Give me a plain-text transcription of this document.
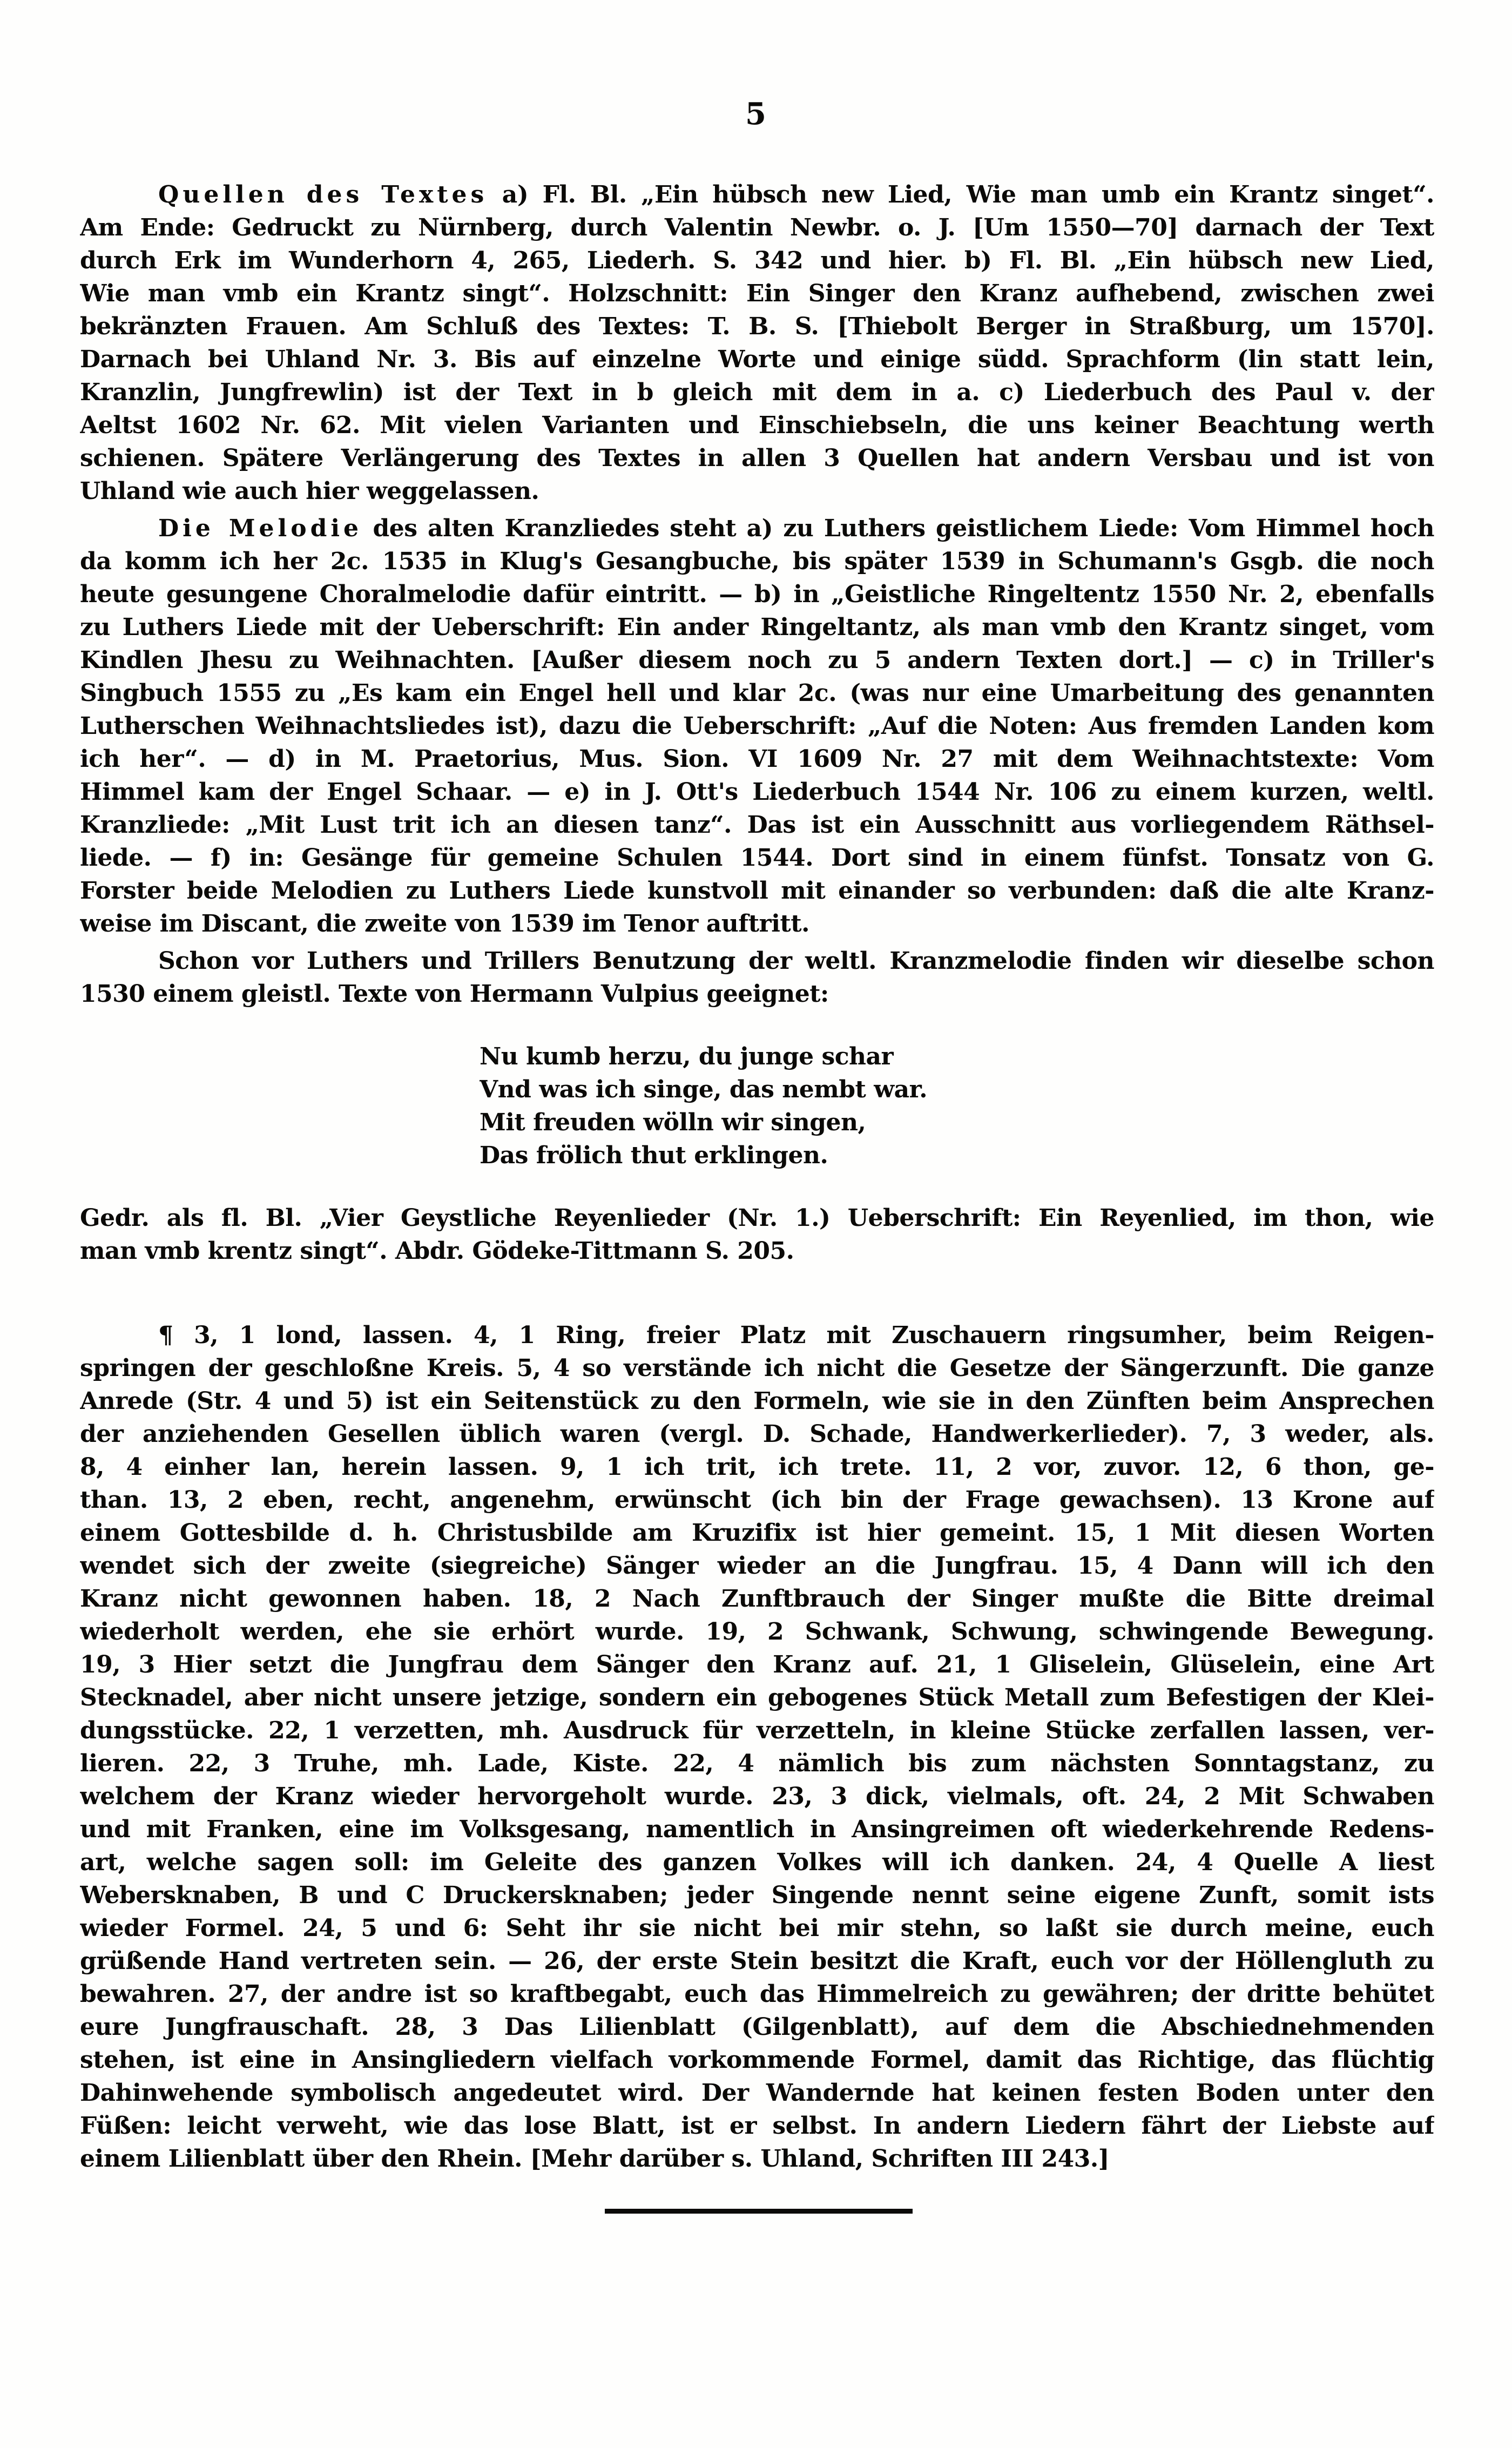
5
Quellen des Textes a) Fl. Bl. „Ein hübsch new Lied, Wie man umb ein Krantz singet“.
Am Ende: Gedruckt zu Nürnberg, durch Valentin Newbr. o. J. [Um 1550—70] darnach der Text
durch Erk im Wunderhorn 4, 265, Liederh. S. 342 und hier. b) Fl. Bl. „Ein hübsch new Lied,
Wie man vmb ein Krantz singt“. Holzschnitt: Ein Singer den Kranz aufhebend, zwischen zwei
bekränzten Frauen. Am Schluß des Textes: T. B. S. [Thiebolt Berger in Straßburg, um 1570].
Darnach bei Uhland Nr. 3. Bis auf einzelne Worte und einige südd. Sprachform (lin statt lein,
Kranzlin, Jungfrewlin) ist der Text in b gleich mit dem in a. c) Liederbuch des Paul v. der
Aeltst 1602 Nr. 62. Mit vielen Varianten und Einschiebseln, die uns keiner Beachtung werth
schienen. Spätere Verlängerung des Textes in allen 3 Quellen hat andern Versbau und ist von
Uhland wie auch hier weggelassen.
Die Melodie des alten Kranzliedes steht a) zu Luthers geistlichem Liede: Vom Himmel hoch
da komm ich her 2c. 1535 in Klug's Gesangbuche, bis später 1539 in Schumann's Gsgb. die noch
heute gesungene Choralmelodie dafür eintritt. — b) in „Geistliche Ringeltentz 1550 Nr. 2, ebenfalls
zu Luthers Liede mit der Ueberschrift: Ein ander Ringeltantz, als man vmb den Krantz singet, vom
Kindlen Jhesu zu Weihnachten. [Außer diesem noch zu 5 andern Texten dort.] — c) in Triller's
Singbuch 1555 zu „Es kam ein Engel hell und klar 2c. (was nur eine Umarbeitung des genannten
Lutherschen Weihnachtsliedes ist), dazu die Ueberschrift: „Auf die Noten: Aus fremden Landen kom
ich her“. — d) in M. Praetorius, Mus. Sion. VI 1609 Nr. 27 mit dem Weihnachtstexte: Vom
Himmel kam der Engel Schaar. — e) in J. Ott's Liederbuch 1544 Nr. 106 zu einem kurzen, weltl.
Kranzliede: „Mit Lust trit ich an diesen tanz“. Das ist ein Ausschnitt aus vorliegendem Räthsel-
liede. — f) in: Gesänge für gemeine Schulen 1544. Dort sind in einem fünfst. Tonsatz von G.
Forster beide Melodien zu Luthers Liede kunstvoll mit einander so verbunden: daß die alte Kranz-
weise im Discant, die zweite von 1539 im Tenor auftritt.
Schon vor Luthers und Trillers Benutzung der weltl. Kranzmelodie finden wir dieselbe schon
1530 einem gleistl. Texte von Hermann Vulpius geeignet:
Nu kumb herzu, du junge schar
Vnd was ich singe, das nembt war.
Mit freuden wölln wir singen,
Das frölich thut erklingen.
Gedr. als fl. Bl. „Vier Geystliche Reyenlieder (Nr. 1.) Ueberschrift: Ein Reyenlied, im thon, wie
man vmb krentz singt“. Abdr. Gödeke-Tittmann S. 205.
¶ 3, 1 lond, lassen. 4, 1 Ring, freier Platz mit Zuschauern ringsumher, beim Reigen-
springen der geschloßne Kreis. 5, 4 so verstände ich nicht die Gesetze der Sängerzunft. Die ganze
Anrede (Str. 4 und 5) ist ein Seitenstück zu den Formeln, wie sie in den Zünften beim Ansprechen
der anziehenden Gesellen üblich waren (vergl. D. Schade, Handwerkerlieder). 7, 3 weder, als.
8, 4 einher lan, herein lassen. 9, 1 ich trit, ich trete. 11, 2 vor, zuvor. 12, 6 thon, ge-
than. 13, 2 eben, recht, angenehm, erwünscht (ich bin der Frage gewachsen). 13 Krone auf
einem Gottesbilde d. h. Christusbilde am Kruzifix ist hier gemeint. 15, 1 Mit diesen Worten
wendet sich der zweite (siegreiche) Sänger wieder an die Jungfrau. 15, 4 Dann will ich den
Kranz nicht gewonnen haben. 18, 2 Nach Zunftbrauch der Singer mußte die Bitte dreimal
wiederholt werden, ehe sie erhört wurde. 19, 2 Schwank, Schwung, schwingende Bewegung.
19, 3 Hier setzt die Jungfrau dem Sänger den Kranz auf. 21, 1 Gliselein, Glüselein, eine Art
Stecknadel, aber nicht unsere jetzige, sondern ein gebogenes Stück Metall zum Befestigen der Klei-
dungsstücke. 22, 1 verzetten, mh. Ausdruck für verzetteln, in kleine Stücke zerfallen lassen, ver-
lieren. 22, 3 Truhe, mh. Lade, Kiste. 22, 4 nämlich bis zum nächsten Sonntagstanz, zu
welchem der Kranz wieder hervorgeholt wurde. 23, 3 dick, vielmals, oft. 24, 2 Mit Schwaben
und mit Franken, eine im Volksgesang, namentlich in Ansingreimen oft wiederkehrende Redens-
art, welche sagen soll: im Geleite des ganzen Volkes will ich danken. 24, 4 Quelle A liest
Webersknaben, B und C Druckersknaben; jeder Singende nennt seine eigene Zunft, somit ists
wieder Formel. 24, 5 und 6: Seht ihr sie nicht bei mir stehn, so laßt sie durch meine, euch
grüßende Hand vertreten sein. — 26, der erste Stein besitzt die Kraft, euch vor der Höllengluth zu
bewahren. 27, der andre ist so kraftbegabt, euch das Himmelreich zu gewähren; der dritte behütet
eure Jungfrauschaft. 28, 3 Das Lilienblatt (Gilgenblatt), auf dem die Abschiednehmenden
stehen, ist eine in Ansingliedern vielfach vorkommende Formel, damit das Richtige, das flüchtig
Dahinwehende symbolisch angedeutet wird. Der Wandernde hat keinen festen Boden unter den
Füßen: leicht verweht, wie das lose Blatt, ist er selbst. In andern Liedern fährt der Liebste auf
einem Lilienblatt über den Rhein. [Mehr darüber s. Uhland, Schriften III 243.]
